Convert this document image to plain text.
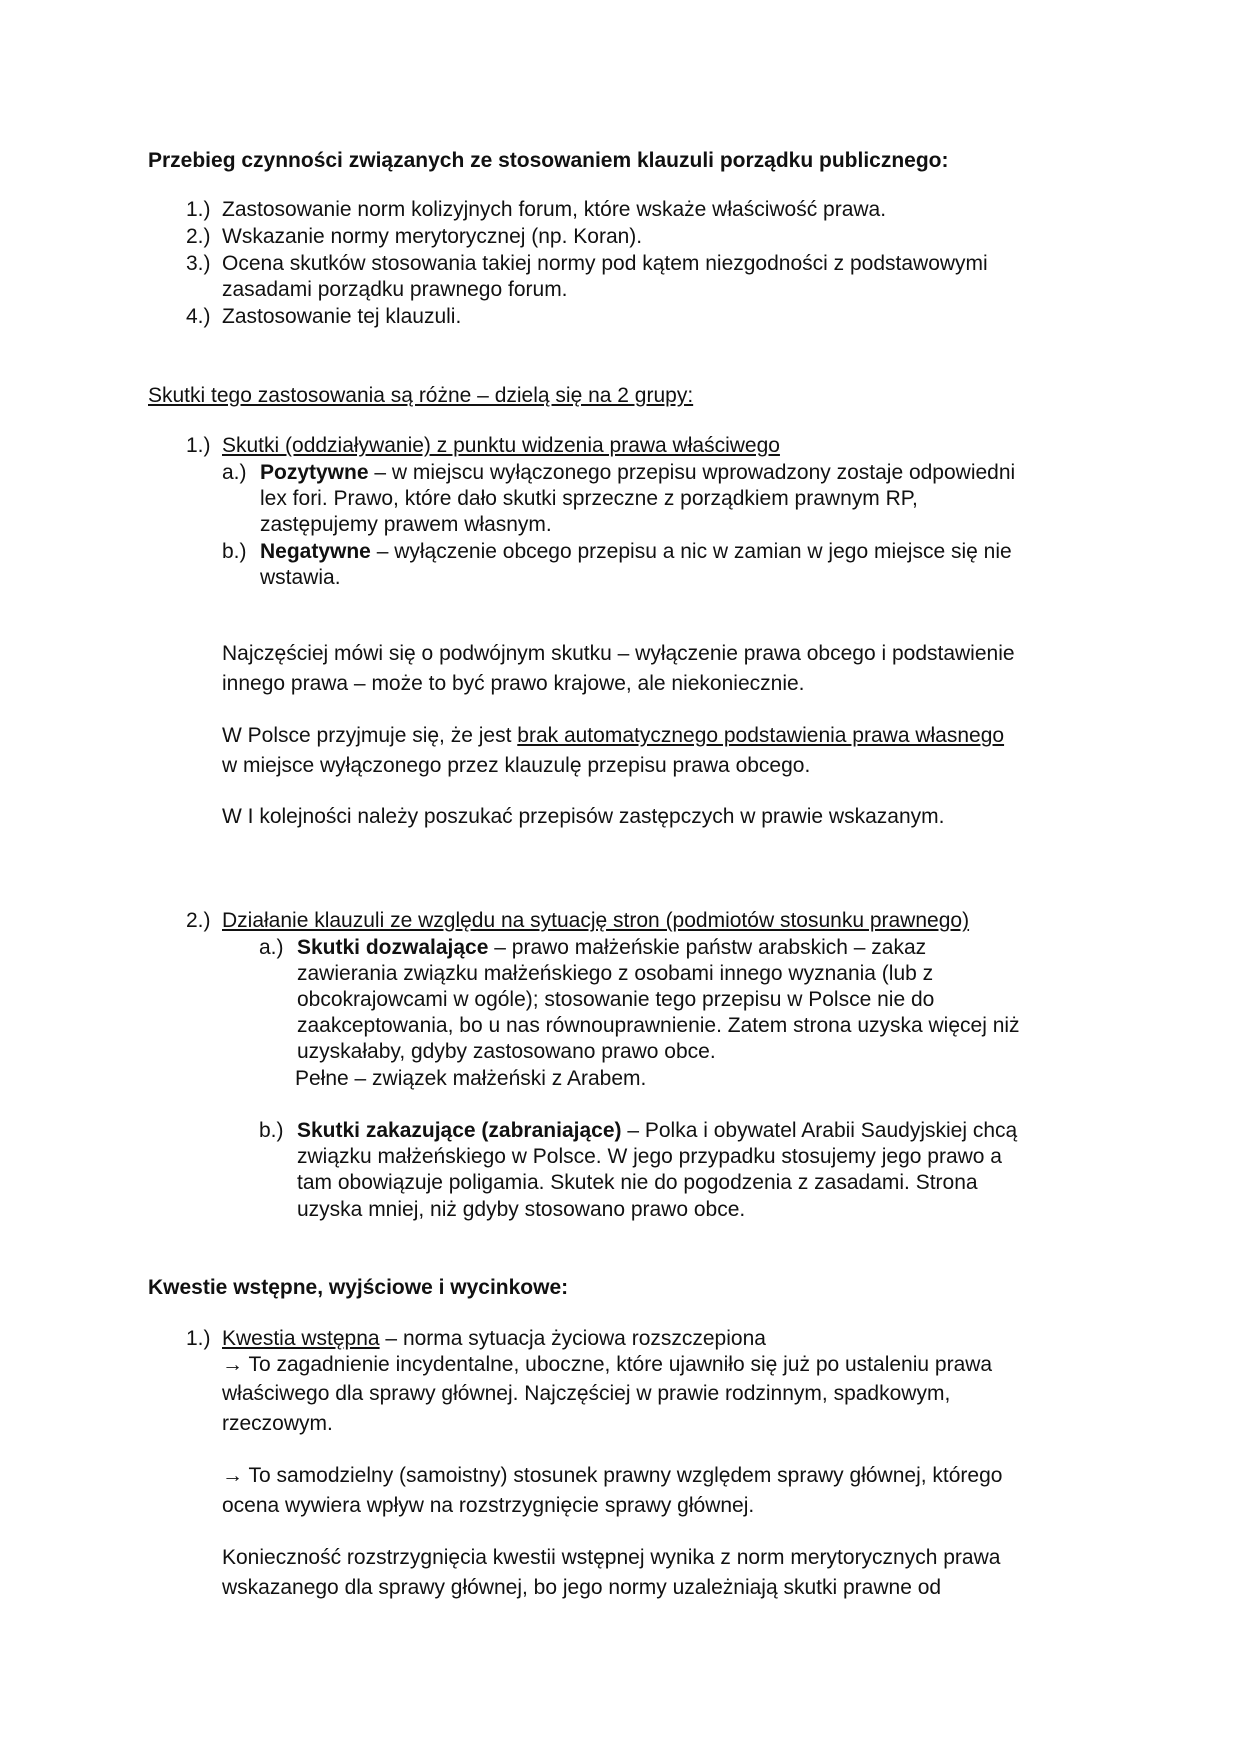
Przebieg czynności związanych ze stosowaniem klauzuli porządku publicznego:
1.) Zastosowanie norm kolizyjnych forum, które wskaże właściwość prawa.
2.) Wskazanie normy merytorycznej (np. Koran).
3.) Ocena skutków stosowania takiej normy pod kątem niezgodności z podstawowymi
zasadami porządku prawnego forum.
4.) Zastosowanie tej klauzuli.
Skutki tego zastosowania są różne – dzielą się na 2 grupy:
1.) Skutki (oddziaływanie) z punktu widzenia prawa właściwego
a.) Pozytywne – w miejscu wyłączonego przepisu wprowadzony zostaje odpowiedni
lex fori. Prawo, które dało skutki sprzeczne z porządkiem prawnym RP,
zastępujemy prawem własnym.
b.) Negatywne – wyłączenie obcego przepisu a nic w zamian w jego miejsce się nie
wstawia.
Najczęściej mówi się o podwójnym skutku – wyłączenie prawa obcego i podstawienie
innego prawa – może to być prawo krajowe, ale niekoniecznie.
W Polsce przyjmuje się, że jest brak automatycznego podstawienia prawa własnego
w miejsce wyłączonego przez klauzulę przepisu prawa obcego.
W I kolejności należy poszukać przepisów zastępczych w prawie wskazanym.
2.) Działanie klauzuli ze względu na sytuację stron (podmiotów stosunku prawnego)
a.) Skutki dozwalające – prawo małżeńskie państw arabskich – zakaz
zawierania związku małżeńskiego z osobami innego wyznania (lub z
obcokrajowcami w ogóle); stosowanie tego przepisu w Polsce nie do
zaakceptowania, bo u nas równouprawnienie. Zatem strona uzyska więcej niż
uzyskałaby, gdyby zastosowano prawo obce.
Pełne – związek małżeński z Arabem.
b.) Skutki zakazujące (zabraniające) – Polka i obywatel Arabii Saudyjskiej chcą
związku małżeńskiego w Polsce. W jego przypadku stosujemy jego prawo a
tam obowiązuje poligamia. Skutek nie do pogodzenia z zasadami. Strona
uzyska mniej, niż gdyby stosowano prawo obce.
Kwestie wstępne, wyjściowe i wycinkowe:
1.) Kwestia wstępna – norma sytuacja życiowa rozszczepiona
→ To zagadnienie incydentalne, uboczne, które ujawniło się już po ustaleniu prawa
właściwego dla sprawy głównej. Najczęściej w prawie rodzinnym, spadkowym,
rzeczowym.
→ To samodzielny (samoistny) stosunek prawny względem sprawy głównej, którego
ocena wywiera wpływ na rozstrzygnięcie sprawy głównej.
Konieczność rozstrzygnięcia kwestii wstępnej wynika z norm merytorycznych prawa
wskazanego dla sprawy głównej, bo jego normy uzależniają skutki prawne od
